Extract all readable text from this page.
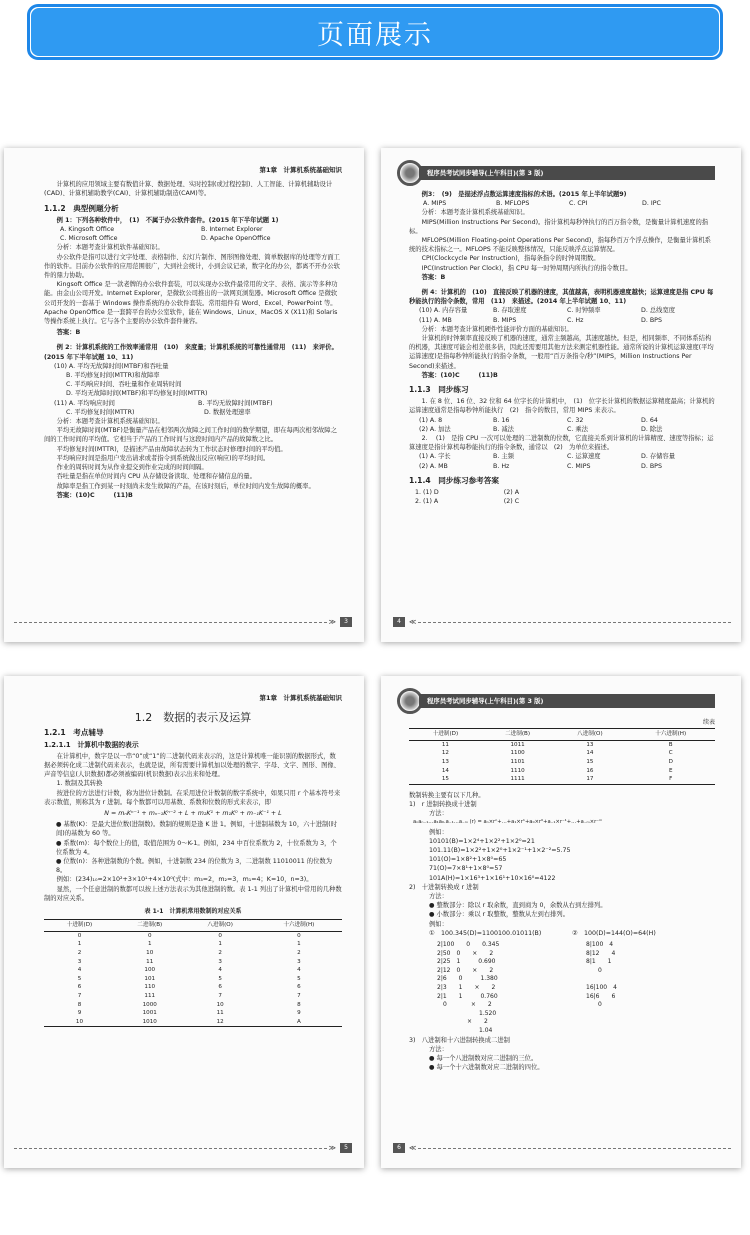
页面展示
第1章　计算机系统基础知识

计算机的应用领域主要有数值计算、数据处理、实时控制(或过程控制)、人工智能、计算机辅助设计(CAD)、计算机辅助教学(CAI)、计算机辅助制造(CAM)等。

1.1.2　典型例题分析

例 1：下列各种软件中，　(1)　不属于办公软件套件。(2015 年下半年试题 1)

A. Kingsoft Office	B. Internet Explorer
C. Microsoft Office	D. Apache OpenOffice

分析：本题考查计算机软件基础知识。

办公软件是指可以进行文字处理、表格制作、幻灯片制作、图形图像处理、简单数据库的处理等方面工作的软件。目前办公软件的应用范围很广，大到社会统计，小到会议记录，数字化的办公，都离不开办公软件的鼎力协助。

Kingsoft Office 是一款老牌的办公软件套装，可以实现办公软件最常用的文字、表格、演示等多种功能。由金山公司开发。Internet Explorer，是微软公司推出的一款网页浏览器。Microsoft Office 是微软公司开发的一套基于 Windows 操作系统的办公软件套装。常用组件有 Word、Excel、PowerPoint 等。Apache OpenOffice 是一套跨平台的办公室软件，能在 Windows、Linux、MacOS X (X11)和 Solaris 等操作系统上执行。它与各个主要的办公软件套件兼容。

答案：B

例 2：计算机系统的工作效率通常用　(10)　来度量；计算机系统的可靠性通常用　(11)　来评价。(2015 年下半年试题 10、11)

(10) A. 平均无故障时间(MTBF)和吞吐量

B. 平均修复时间(MTTR)和故障率

C. 平均响应时间、吞吐量和作业周转时间

D. 平均无故障时间(MTBF)和平均修复时间(MTTR)

(11) A. 平均响应时间	B. 平均无故障时间(MTBF)
C. 平均修复时间(MTTR)	D. 数据处理速率

分析：本题考查计算机系统基础知识。

平均无故障时间(MTBF)是衡量产品在相邻两次故障之间工作时间的数学期望，即在每两次相邻故障之间的工作时间的平均值。它相当于产品的工作时间与这段时间内产品的故障数之比。

平均修复时间(MTTR)，是描述产品由故障状态转为工作状态时修理时间的平均值。

平均响应时间是指用户发出请求或者指令到系统做出反应(响应)的平均时间。

作业的周转时间为从作业提交到作业完成的时间间隔。

吞吐量是指在单位时间内 CPU 从存储设备读取、处理和存储信息的量。

故障率是指工作到某一时刻尚未发生故障的产品，在该时刻后，单位时间内发生故障的概率。

答案：(10)C　　　(11)B

≫	3
程序员考试同步辅导(上午科目)(第 3 版)

例3：　(9)　是描述浮点数运算速度指标的术语。(2015 年上半年试题9)

A. MIPS	B. MFLOPS	C. CPI	D. IPC

分析：本题考查计算机系统基础知识。

MIPS(Million Instructions Per Second)。指计算机每秒钟执行的百万指令数，是衡量计算机速度的指标。

MFLOPS(Million Floating-point Operations Per Second)，指每秒百万个浮点操作，是衡量计算机系统的技术指标之一。MFLOPS 不能反映整体情况，只能反映浮点运算情况。

CPI(Clockcycle Per Instruction)，指每条指令的时钟周期数。

IPC(Instruction Per Clock)，指 CPU 每一时钟周期内所执行的指令数目。

答案：B

例 4：计算机的　(10)　直接反映了机器的速度，其值越高，表明机器速度越快；运算速度是指 CPU 每秒能执行的指令条数，常用　(11)　来描述。(2014 年上半年试题 10、11)

(10) A. 内存容量	B. 存取速度	C. 时钟频率	D. 总线宽度
(11) A. MB	B. MIPS	C. Hz	D. BPS

分析：本题考查计算机硬件性能评价方面的基础知识。

计算机的时钟频率直接反映了机器的速度，通常主频越高，其速度越快。但是，相同频率、不同体系结构的机器，其速度可能会相差很多倍，因此还需要用其他方法来测定机器性能。通常所说的计算机运算速度(平均运算速度)是指每秒钟所能执行的指令条数，一般用“百万条指令/秒”(MIPS，Million Instructions Per Second)来描述。

答案：(10)C　　　(11)B

1.1.3　同步练习

1. 在 8 位、16 位、32 位和 64 位字长的计算机中，　(1)　位字长计算机的数据运算精度最高；计算机的运算速度通常是指每秒钟所能执行　(2)　指令的数目，常用 MIPS 来表示。

(1) A. 8	B. 16	C. 32	D. 64
(2) A. 加法	B. 减法	C. 乘法	D. 除法

2. 　(1)　是指 CPU 一次可以处理的二进制数的位数，它直接关系到计算机的计算精度、速度等指标；运算速度是指计算机每秒能执行的指令条数，通常以　(2)　为单位来描述。

(1) A. 字长	B. 主频	C. 运算速度	D. 存储容量
(2) A. MB	B. Hz	C. MIPS	D. BPS
1.1.4　同步练习参考答案
1. (1) D	(2) A
2. (1) A	(2) C
4	≪
第1章　计算机系统基础知识
1.2　数据的表示及运算
1.2.1　考点辅导
1.2.1.1　计算机中数据的表示

在计算机中，数字是以一串“0”或“1”的二进制代码来表示的，这是计算机唯一能识别的数据形式，数据必须转化成二进制代码来表示，也就是说，所有需要计算机加以处理的数字、字母、文字、图形、图像、声音等信息(人识数据)都必须被编码(机识数据)表示出来和处理。

1. 数制及其转换

按进位的方法进行计数，称为进位计数制。在采用进位计数制的数字系统中，如果只用 r 个基本符号来表示数值，则称其为 r 进制。每个数都可以用基数、系数和位数的形式来表示，即

N = mₙKⁿ⁻¹ + mₙ₋₁Kⁿ⁻² + L + m₂K¹ + m₁K⁰ + m₋₁K⁻¹ + L

● 基数(K)：是最大进位数(进制数)。数制的规则是逢 K 进 1。例如，十进制基数为 10，六十进制(时间)的基数为 60 等。

● 系数(m)：每个数位上的值，取值范围为 0～K-1。例如，234 中百位系数为 2，十位系数为 3，个位系数为 4。

● 位数(n)：各种进制数的个数。例如，十进制数 234 的位数为 3，二进制数 11010011 的位数为 8。

例如：(234)₁₀=2×10²+3×10¹+4×10⁰(式中：m₃=2，m₂=3，m₁=4；K=10，n=3)。

显然，一个任意进制的数都可以按上述方法表示为其他进制的数。表 1-1 列出了计算机中常用的几种数制的对应关系。

表 1-1　计算机常用数制的对应关系
十进制(D)	二进制(B)	八进制(O)	十六进制(H)
0	0	0	0
1	1	1	1
2	10	2	2
3	11	3	3
4	100	4	4
5	101	5	5
6	110	6	6
7	111	7	7
8	1000	10	8
9	1001	11	9
10	1010	12	A
≫	5
程序员考试同步辅导(上午科目)(第 3 版)
续表
十进制(D)	二进制(B)	八进制(O)	十六进制(H)
11	1011	13	B
12	1100	14	C
13	1101	15	D
14	1110	16	E
15	1111	17	F

数制转换主要有以下几种。

1)　r 进制转换成十进制

方法：

aₙaₙ₋₁…a₁a₀.a₋₁…a₋ₘ (r) = aₙ×rⁿ+…+a₁×r¹+a₀×r⁰+a₋₁×r⁻¹+…+a₋ₘ×r⁻ᵐ

例如：

10101(B)=1×2⁴+1×2²+1×2⁰=21

101.11(B)=1×2²+1×2⁰+1×2⁻¹+1×2⁻²=5.75

101(O)=1×8²+1×8⁰=65

71(O)=7×8¹+1×8⁰=57

101A(H)=1×16³+1×16¹+10×16⁰=4122

2)　十进制转换成 r 进制

方法：

● 整数部分：除以 r 取余数，直到商为 0，余数从右到左排列。

● 小数部分：乘以 r 取整数，整数从左到右排列。

例如：

①　100.345(D)=1100100.01011(B)	②　100(D)=144(O)=64(H)
2|100　　0　　0.345
2|50　0　　×　　2
2|25　1　　　0.690
2|12　0　　×　　2
2|6　　0　　　1.380
2|3　　1　　×　　2
2|1　　1　　　0.760
　0　　　　×　　2
　　　　　　　1.520
　　　　　×　　2
　　　　　　　1.04
8|100　4　　　
8|12　　4
8|1　　1
　　0
16|100　4
16|6　　6
　　0

3)　八进制和十六进制转换成二进制

方法：

● 每一个八进制数对应二进制的三位。

● 每一个十六进制数对应二进制的四位。

6	≪
